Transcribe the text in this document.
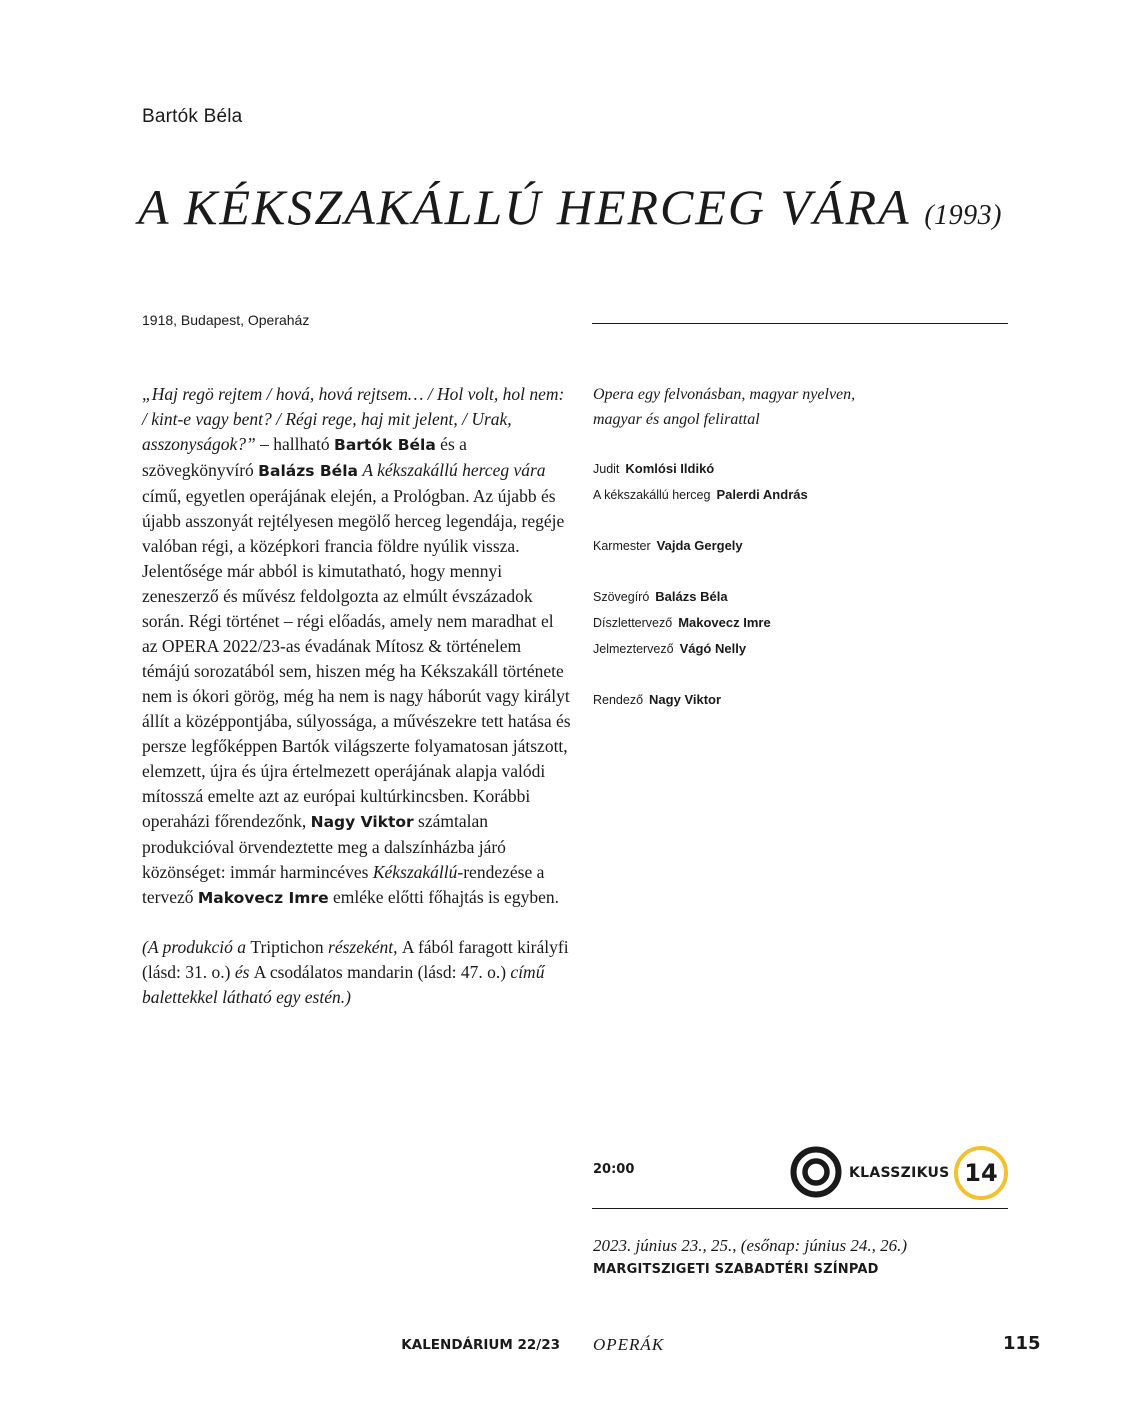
Bartók Béla
A KÉKSZAKÁLLÚ HERCEG VÁRA (1993)
1918, Budapest, Operaház

„Haj regö rejtem / hová, hová rejtsem… / Hol volt, hol nem: / kint-e vagy bent? / Régi rege, haj mit jelent, / Urak, asszonyságok?” – hallható Bartók Béla és a szövegkönyvíró Balázs Béla A kékszakállú herceg vára című, egyetlen operájának elején, a Prológban. Az újabb és újabb asszonyát rejtélyesen megölő herceg legendája, regéje valóban régi, a középkori francia földre nyúlik vissza. Jelentősége már abból is kimutatható, hogy mennyi zeneszerző és művész feldolgozta az elmúlt évszázadok során. Régi történet – régi előadás, amely nem maradhat el az OPERA 2022/23-as évadának Mítosz & történelem témájú sorozatából sem, hiszen még ha Kékszakáll története nem is ókori görög, még ha nem is nagy háborút vagy királyt állít a középpontjába, súlyossága, a művészekre tett hatása és persze legfőképpen Bartók világszerte folyamatosan játszott, elemzett, újra és újra értelmezett operájának alapja valódi mítosszá emelte azt az európai kultúrkincsben. Korábbi operaházi főrendezőnk, Nagy Viktor számtalan produkcióval örvendeztette meg a dalszínházba járó közönséget: immár harmincéves Kékszakállú-rendezése a tervező Makovecz Imre emléke előtti főhajtás is egyben.

(A produkció a Triptichon részeként, A fából faragott királyfi (lásd: 31. o.) és A csodálatos mandarin (lásd: 47. o.) című balettekkel látható egy estén.)

Opera egy felvonásban, magyar nyelven,
magyar és angol felirattal

Judit Komlósi Ildikó
A kékszakállú herceg Palerdi András
Karmester Vajda Gergely
Szövegíró Balázs Béla
Díszlettervező Makovecz Imre
Jelmeztervező Vágó Nelly
Rendező Nagy Viktor
20:00	KLASSZIKUS 14
2023. június 23., 25., (esőnap: június 24., 26.)
MARGITSZIGETI SZABADTÉRI SZÍNPAD
KALENDÁRIUM 22/23 OPERÁK	115
